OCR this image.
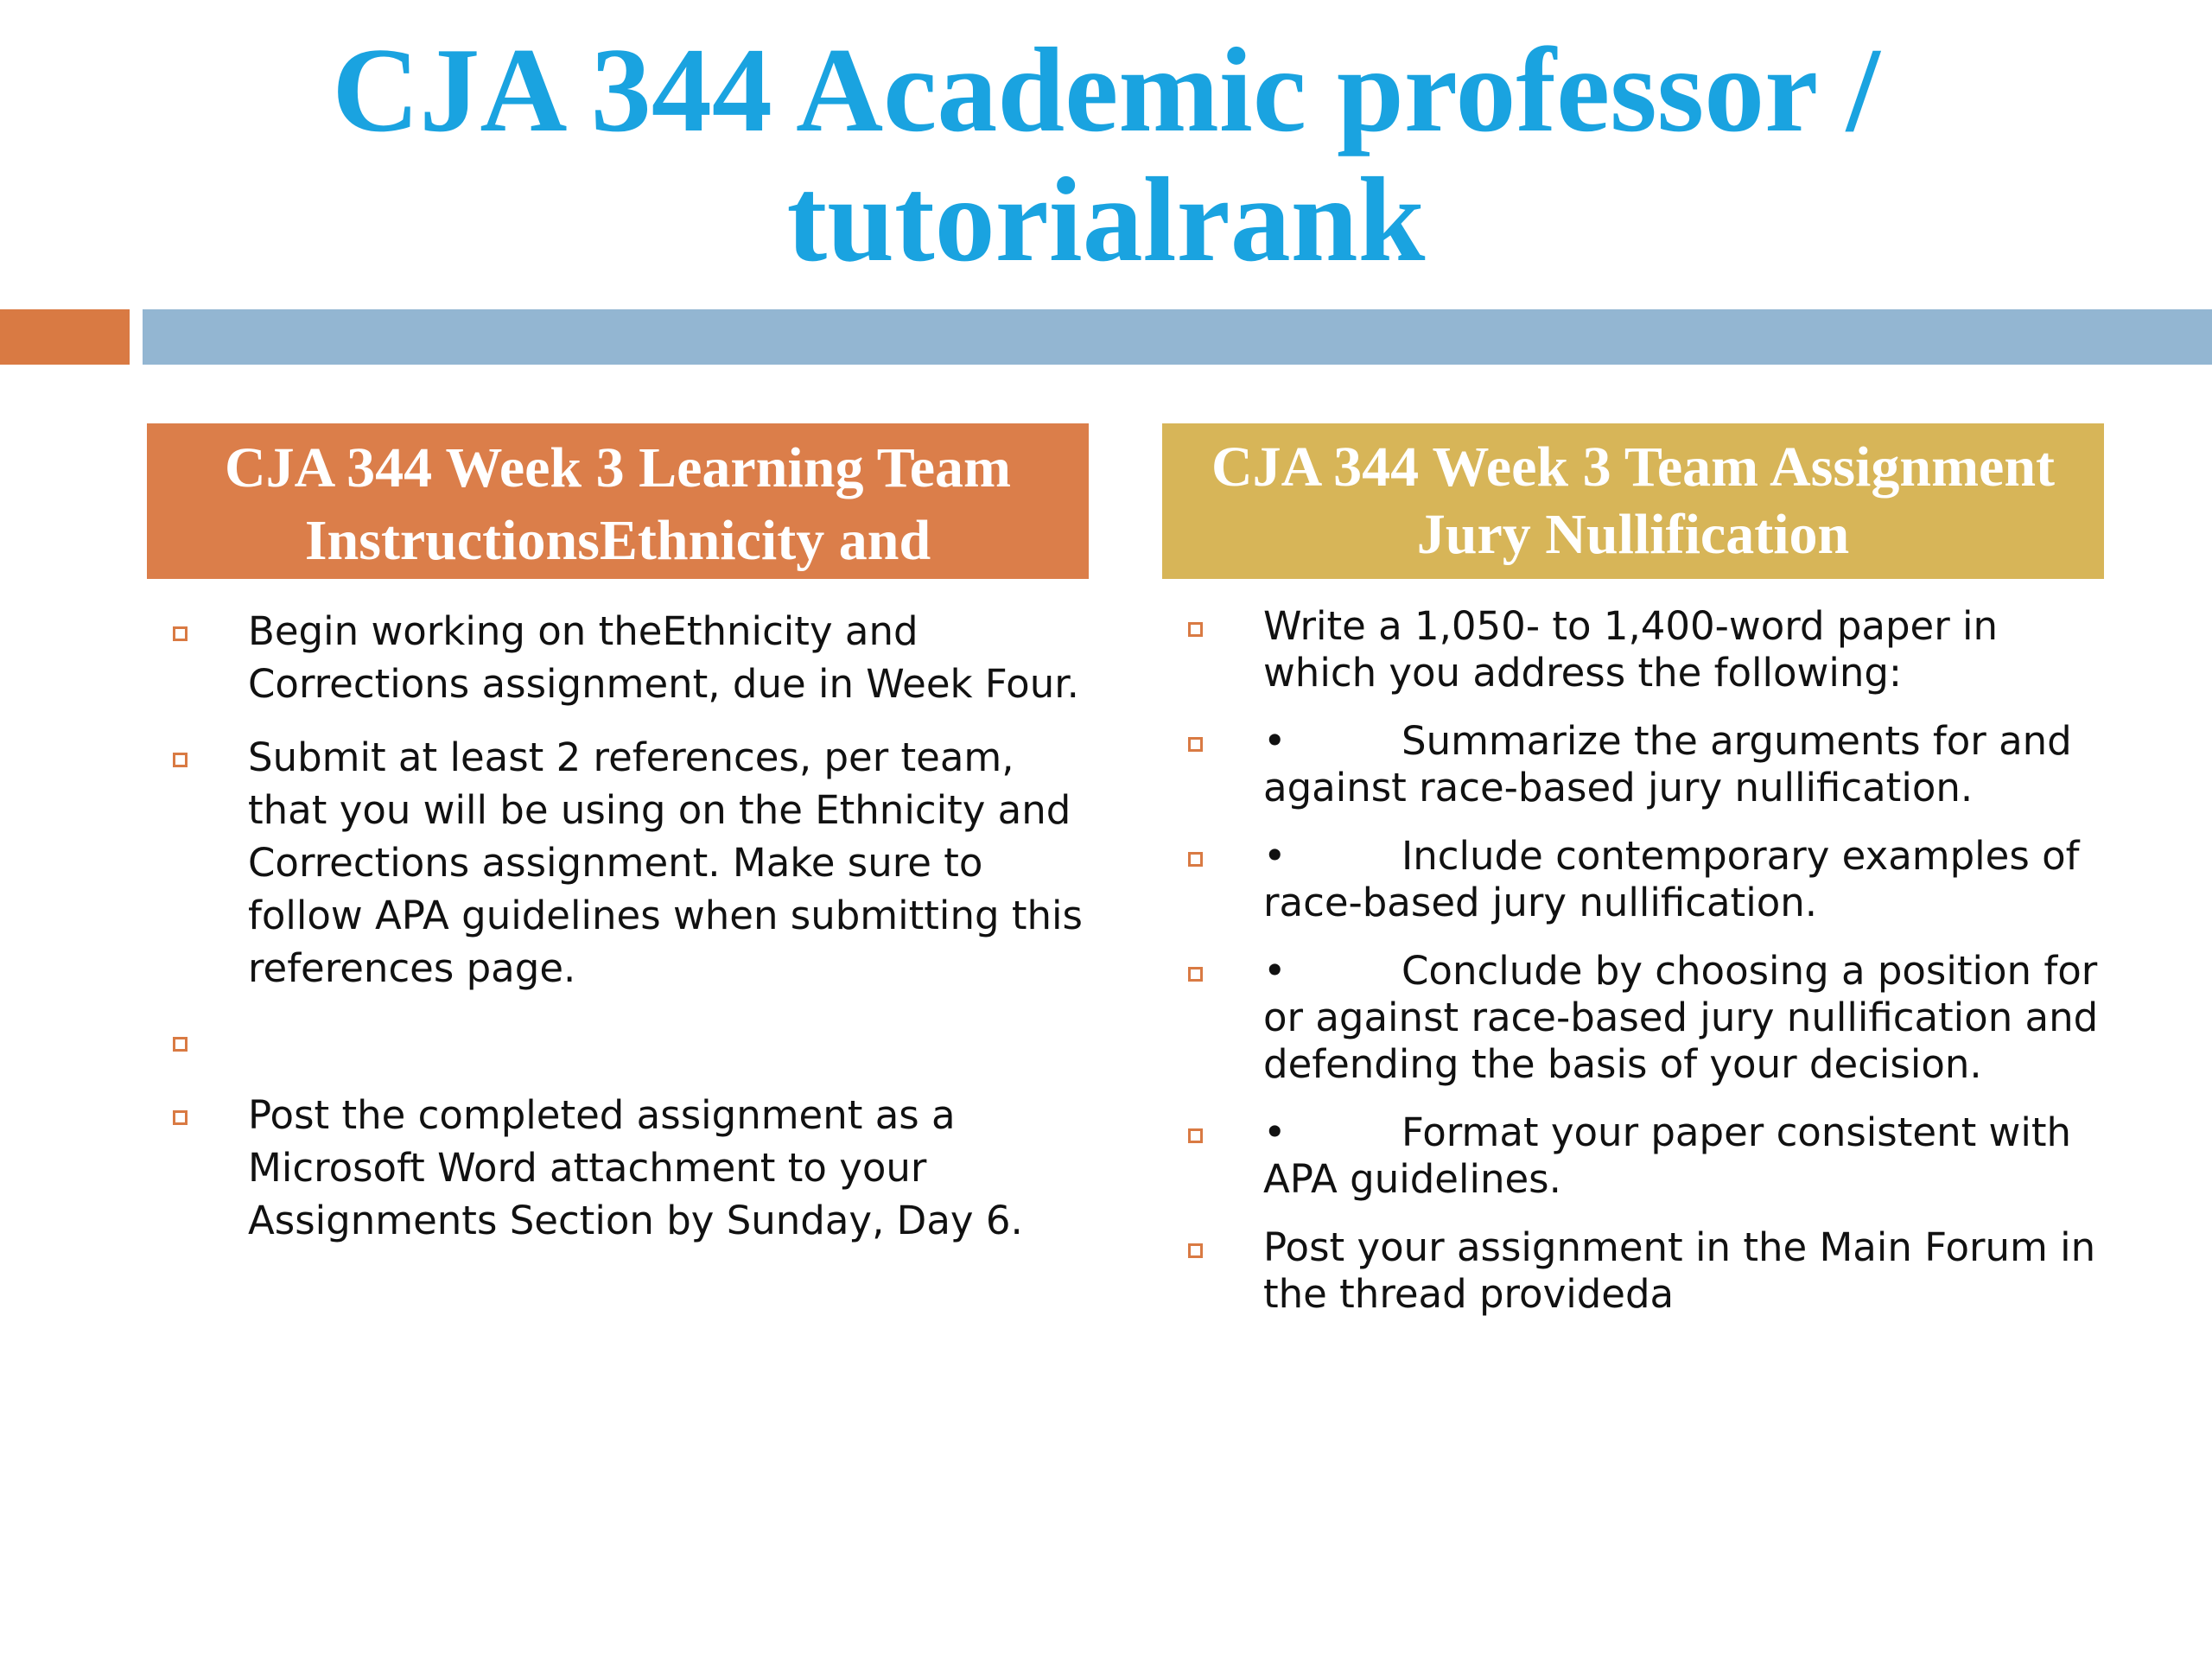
CJA 344 Academic professor /
tutorialrank
CJA 344 Week 3 Learning Team InstructionsEthnicity and
Begin working on theEthnicity and Corrections assignment, due in Week Four.
Submit at least 2 references, per team, that you will be using on the Ethnicity and Corrections assignment. Make sure to follow APA guidelines when submitting this references page.
Post the completed assignment as a Microsoft Word attachment to your Assignments Section by Sunday, Day 6.
CJA 344 Week 3 Team Assignment Jury Nullification
Write a 1,050- to 1,400-word paper in which you address the following:
•	Summarize the arguments for and against race-based jury nullification.
•	Include contemporary examples of race-based jury nullification.
•	Conclude by choosing a position for or against race-based jury nullification and defending the basis of your decision.
•	Format your paper consistent with APA guidelines.
Post your assignment in the Main Forum in the thread provideda
